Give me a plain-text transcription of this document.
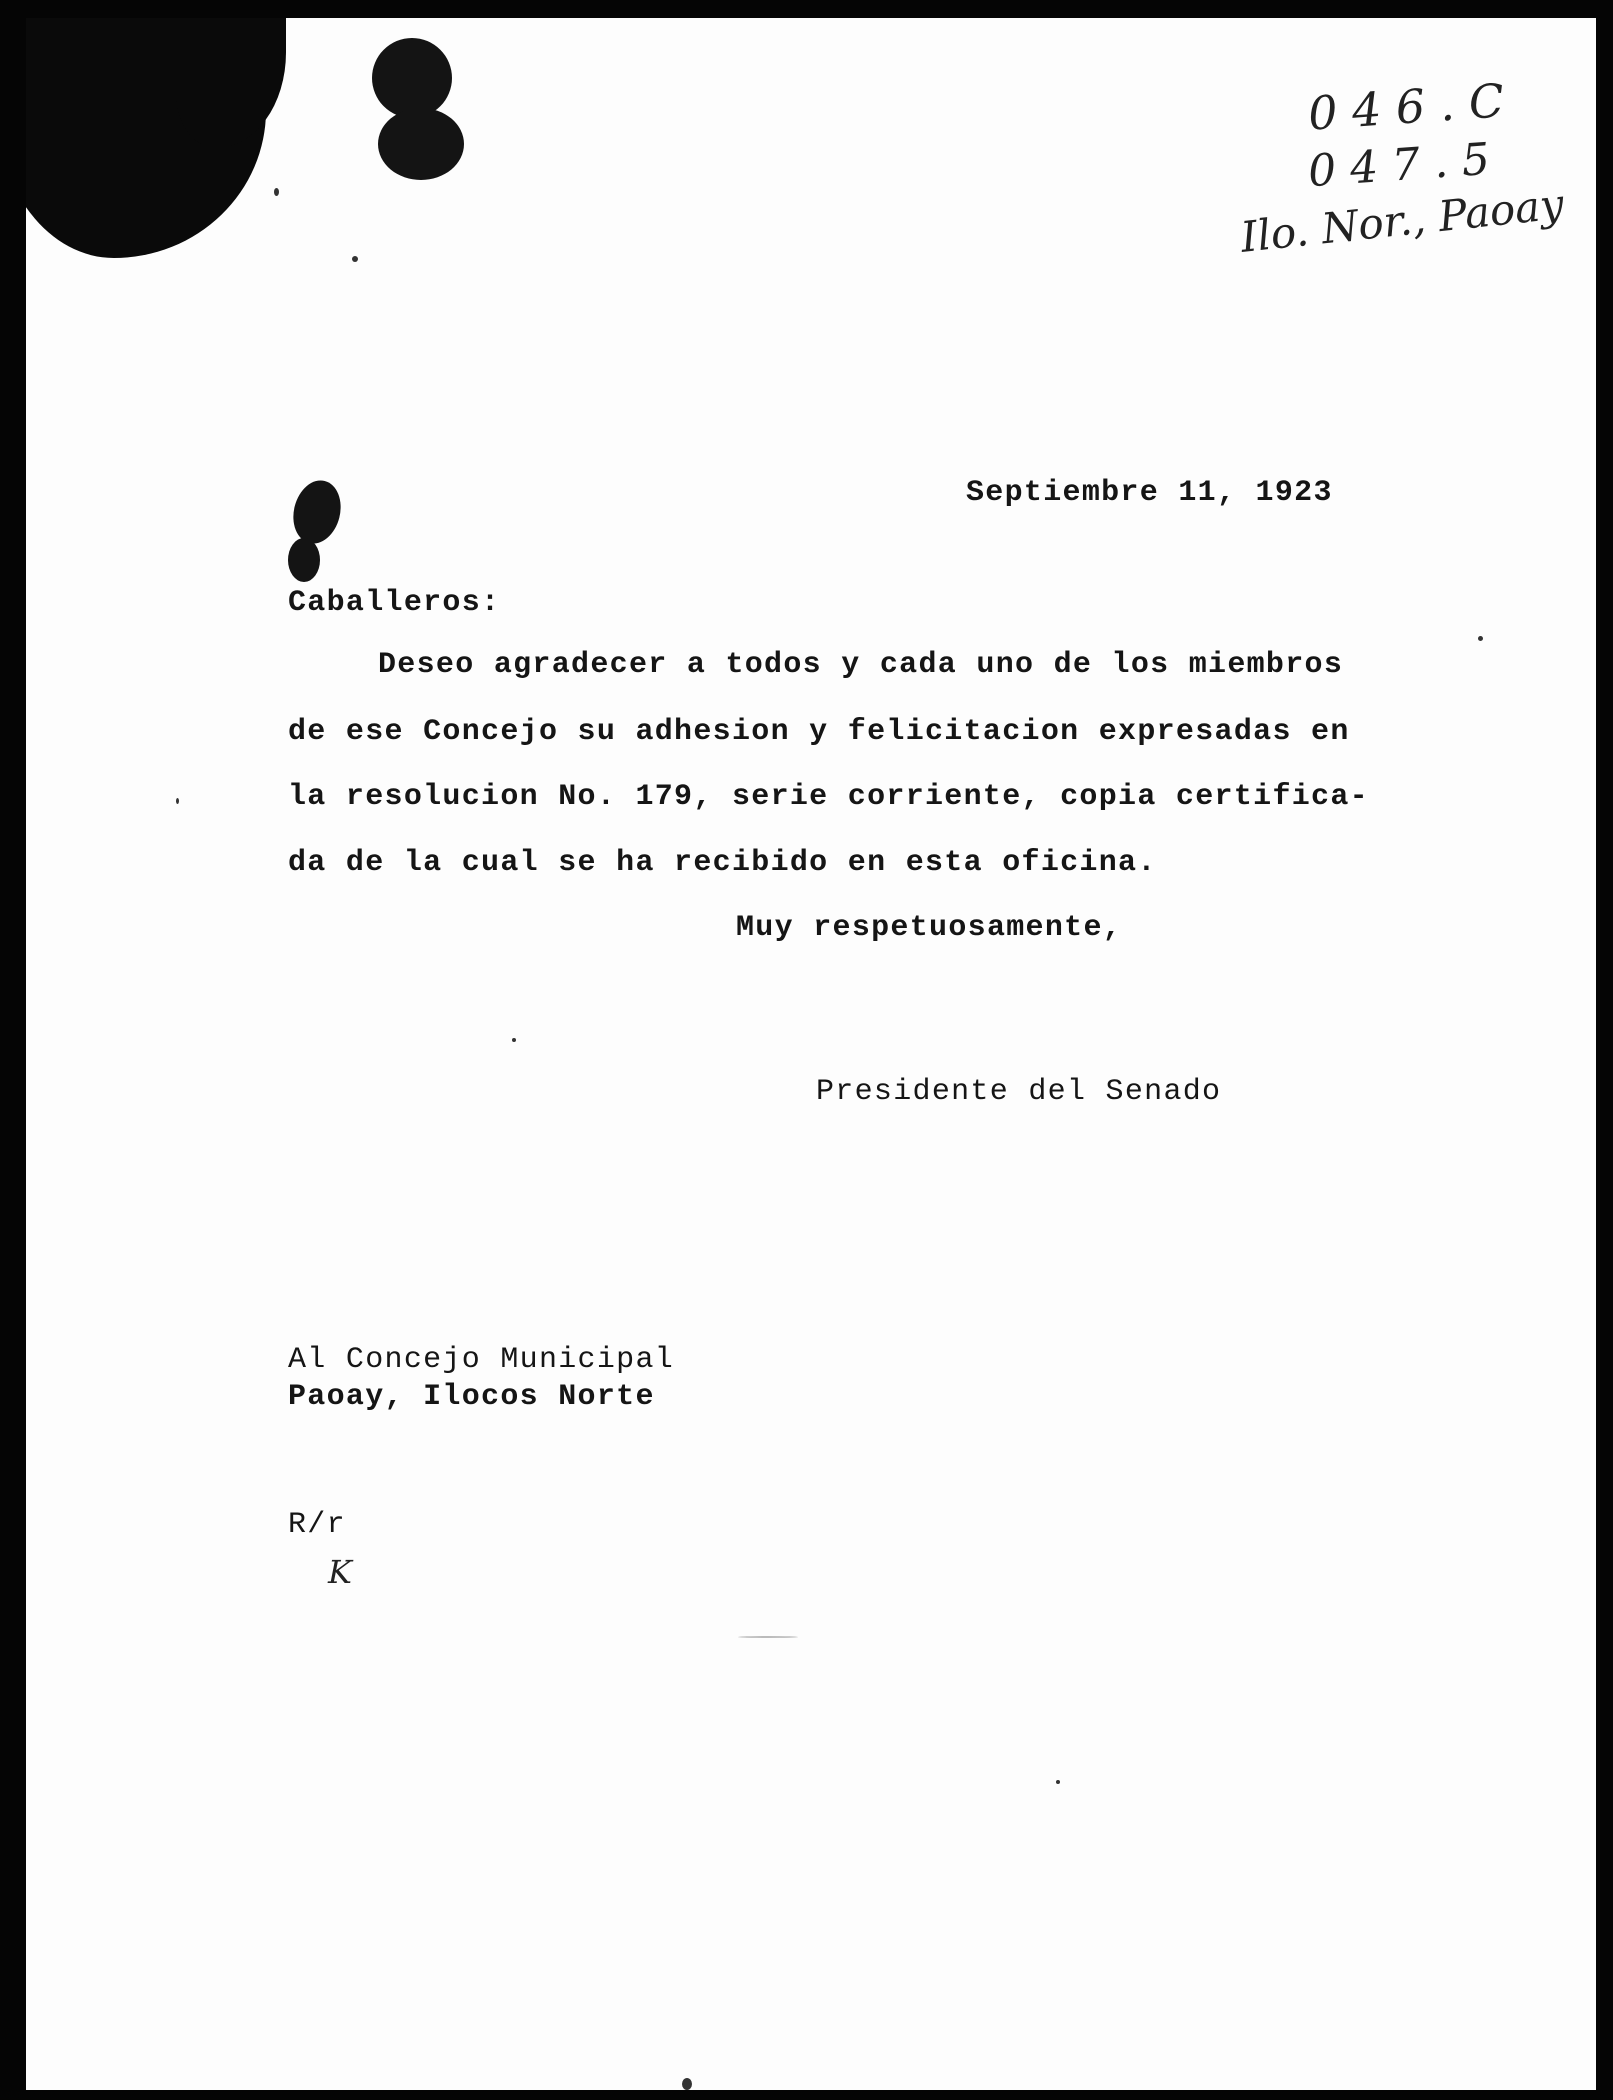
0 4 6 . C
0 4 7 . 5
Ilo. Nor., Paoay
Septiembre 11, 1923
Caballeros:
Deseo agradecer a todos y cada uno de los miembros
de ese Concejo su adhesion y felicitacion expresadas en
la resolucion No. 179, serie corriente, copia certifica-
da de la cual se ha recibido en esta oficina.
Muy respetuosamente,
Presidente del Senado
Al Concejo Municipal
Paoay, Ilocos Norte
R/r
K
